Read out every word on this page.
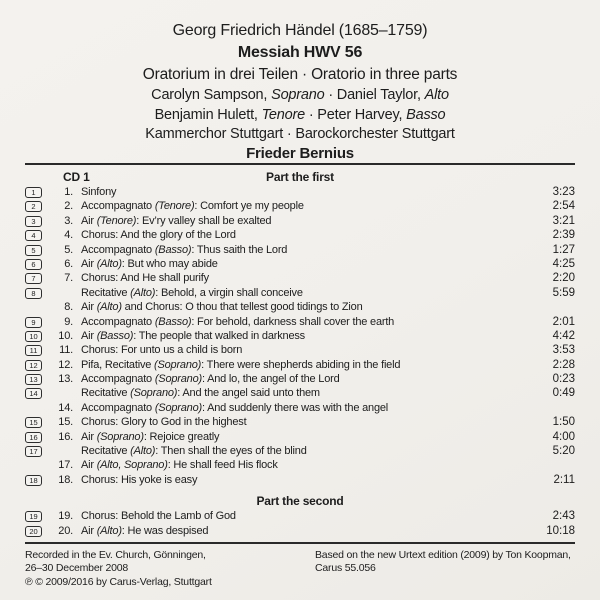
Georg Friedrich Händel (1685–1759)
Messiah HWV 56
Oratorium in drei Teilen · Oratorio in three parts
Carolyn Sampson, Soprano · Daniel Taylor, Alto
Benjamin Hulett, Tenore · Peter Harvey, Basso
Kammerchor Stuttgart · Barockorchester Stuttgart
Frieder Bernius
CD 1	Part the first
1	1. Sinfony	3:23
2	2. Accompagnato (Tenore): Comfort ye my people	2:54
3	3. Air (Tenore): Ev’ry valley shall be exalted	3:21
4	4. Chorus: And the glory of the Lord	2:39
5	5. Accompagnato (Basso): Thus saith the Lord	1:27
6	6. Air (Alto): But who may abide	4:25
7	7. Chorus: And He shall purify	2:20
8	Recitative (Alto): Behold, a virgin shall conceive	5:59
8. Air (Alto) and Chorus: O thou that tellest good tidings to Zion
9	9. Accompagnato (Basso): For behold, darkness shall cover the earth	2:01
10	10. Air (Basso): The people that walked in darkness	4:42
11	11. Chorus: For unto us a child is born	3:53
12	12. Pifa, Recitative (Soprano): There were shepherds abiding in the field	2:28
13	13. Accompagnato (Soprano): And lo, the angel of the Lord	0:23
14	Recitative (Soprano): And the angel said unto them	0:49
14. Accompagnato (Soprano): And suddenly there was with the angel
15	15. Chorus: Glory to God in the highest	1:50
16	16. Air (Soprano): Rejoice greatly	4:00
17	Recitative (Alto): Then shall the eyes of the blind	5:20
17. Air (Alto, Soprano): He shall feed His flock
18	18. Chorus: His yoke is easy	2:11
Part the second
19	19. Chorus: Behold the Lamb of God	2:43
20	20. Air (Alto): He was despised	10:18
Recorded in the Ev. Church, Gönningen,
26–30 December 2008
℗ © 2009/2016 by Carus-Verlag, Stuttgart
Based on the new Urtext edition (2009) by Ton Koopman,
Carus 55.056
